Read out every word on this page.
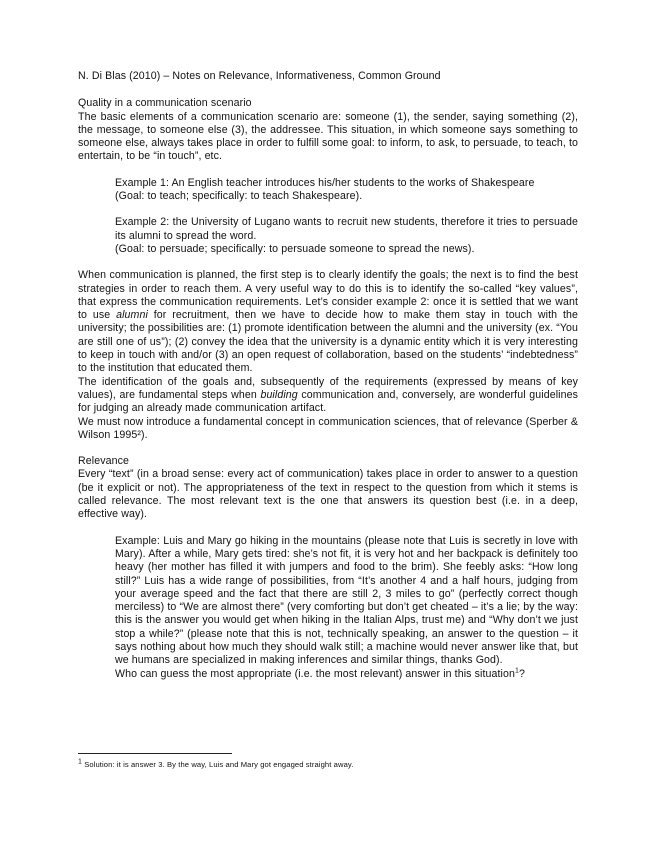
N. Di Blas (2010) – Notes on Relevance, Informativeness, Common Ground

Quality in a communication scenario

The basic elements of a communication scenario are: someone (1), the sender, saying something (2), the message, to someone else (3), the addressee. This situation, in which someone says something to someone else, always takes place in order to fulfill some goal: to inform, to ask, to persuade, to teach, to entertain, to be “in touch”, etc.

Example 1: An English teacher introduces his/her students to the works of Shakespeare

(Goal: to teach; specifically: to teach Shakespeare).

Example 2: the University of Lugano wants to recruit new students, therefore it tries to persuade its alumni to spread the word.

(Goal: to persuade; specifically: to persuade someone to spread the news).

When communication is planned, the first step is to clearly identify the goals; the next is to find the best strategies in order to reach them. A very useful way to do this is to identify the so-called “key values”, that express the communication requirements. Let’s consider example 2: once it is settled that we want to use alumni for recruitment, then we have to decide how to make them stay in touch with the university; the possibilities are: (1) promote identification between the alumni and the university (ex. “You are still one of us”); (2) convey the idea that the university is a dynamic entity which it is very interesting to keep in touch with and/or (3) an open request of collaboration, based on the students’ “indebtedness” to the institution that educated them.

The identification of the goals and, subsequently of the requirements (expressed by means of key values), are fundamental steps when building communication and, conversely, are wonderful guidelines for judging an already made communication artifact.

We must now introduce a fundamental concept in communication sciences, that of relevance (Sperber & Wilson 1995²).

Relevance

Every “text” (in a broad sense: every act of communication) takes place in order to answer to a question (be it explicit or not). The appropriateness of the text in respect to the question from which it stems is called relevance. The most relevant text is the one that answers its question best (i.e. in a deep, effective way).

Example: Luis and Mary go hiking in the mountains (please note that Luis is secretly in love with Mary). After a while, Mary gets tired: she’s not fit, it is very hot and her backpack is definitely too heavy (her mother has filled it with jumpers and food to the brim). She feebly asks: “How long still?” Luis has a wide range of possibilities, from “It’s another 4 and a half hours, judging from your average speed and the fact that there are still 2, 3 miles to go” (perfectly correct though merciless) to “We are almost there” (very comforting but don’t get cheated – it’s a lie; by the way: this is the answer you would get when hiking in the Italian Alps, trust me) and “Why don’t we just stop a while?” (please note that this is not, technically speaking, an answer to the question – it says nothing about how much they should walk still; a machine would never answer like that, but we humans are specialized in making inferences and similar things, thanks God).

Who can guess the most appropriate (i.e. the most relevant) answer in this situation$^1$?

$^1$ Solution: it is answer 3. By the way, Luis and Mary got engaged straight away.
